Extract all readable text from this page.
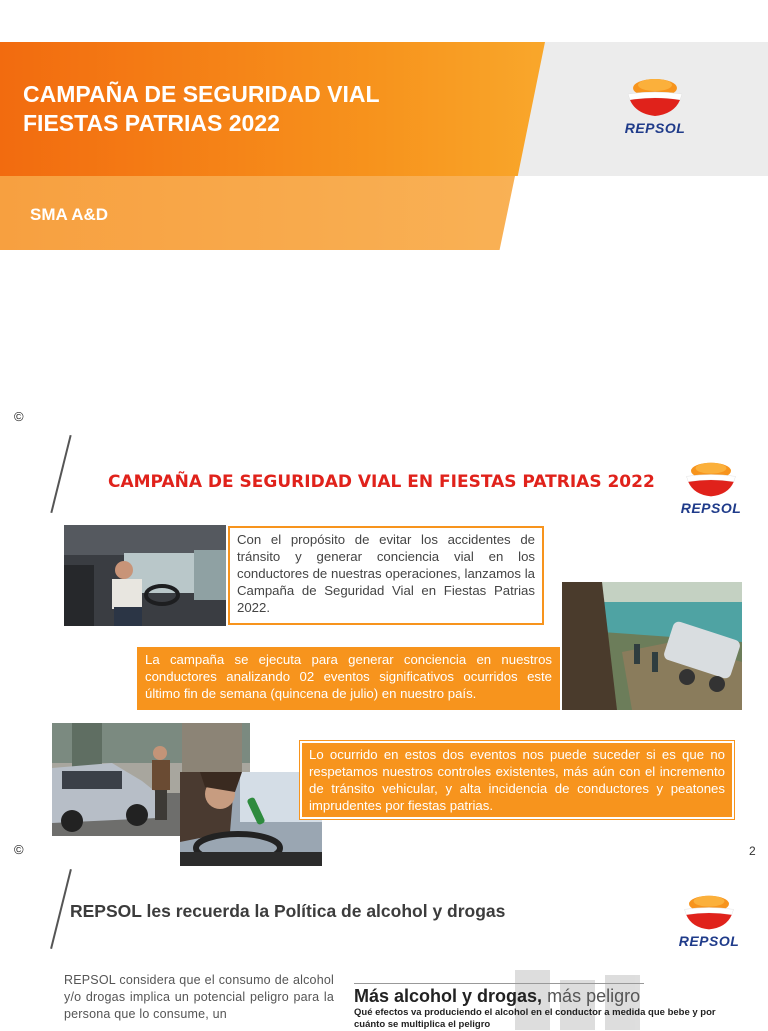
CAMPAÑA DE SEGURIDAD VIAL
FIESTAS PATRIAS 2022
SMA A&D
REPSOL
©
CAMPAÑA DE SEGURIDAD VIAL EN FIESTAS PATRIAS 2022
REPSOL
Con el propósito de evitar los accidentes de tránsito y generar conciencia vial en los conductores de nuestras operaciones, lanzamos la Campaña de Seguridad Vial en Fiestas Patrias 2022.
La campaña se ejecuta para generar conciencia en nuestros conductores analizando 02 eventos significativos ocurridos este último fin de semana (quincena de julio) en nuestro país.
Lo ocurrido en estos dos eventos nos puede suceder si es que no respetamos nuestros controles existentes, más aún con el incremento de tránsito vehicular, y alta incidencia de conductores y peatones imprudentes por fiestas patrias.
©	2
REPSOL les recuerda la Política de alcohol y drogas
REPSOL
REPSOL considera que el consumo de alcohol y/o drogas implica un potencial peligro para la persona que lo consume, un
Más alcohol y drogas, más peligro
Qué efectos va produciendo el alcohol en el conductor a medida que bebe y por cuánto se multiplica el peligro
